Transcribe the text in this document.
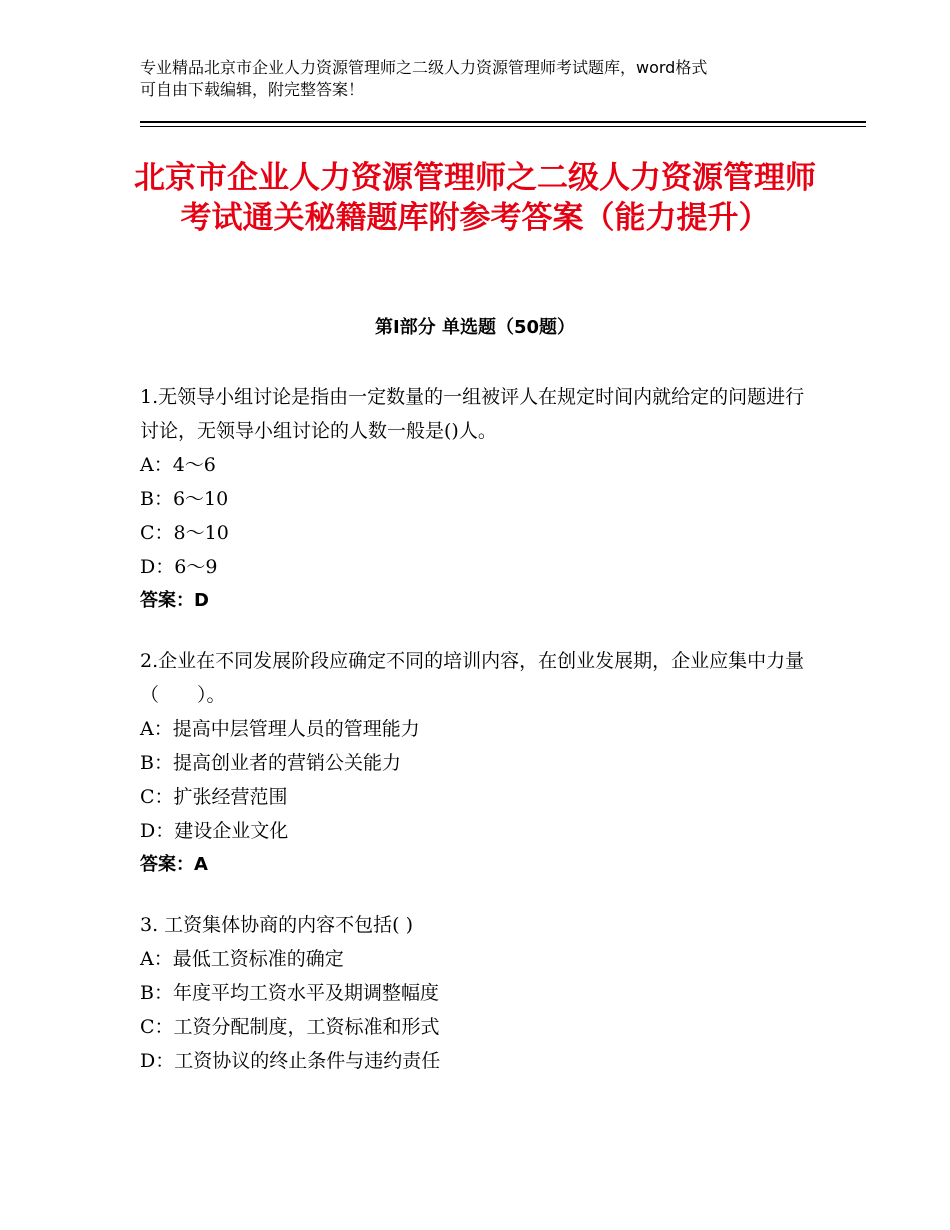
专业精品北京市企业人力资源管理师之二级人力资源管理师考试题库，word格式
可自由下载编辑，附完整答案！
北京市企业人力资源管理师之二级人力资源管理师考试通关秘籍题库附参考答案（能力提升）
第Ⅰ部分 单选题（50题）

1.无领导小组讨论是指由一定数量的一组被评人在规定时间内就给定的问题进行讨论，无领导小组讨论的人数一般是()人。

A：4～6

B：6～10

C：8～10

D：6～9

答案：D

2.企业在不同发展阶段应确定不同的培训内容，在创业发展期，企业应集中力量（　　）。

A：提高中层管理人员的管理能力

B：提高创业者的营销公关能力

C：扩张经营范围

D：建设企业文化

答案：A

3. 工资集体协商的内容不包括( )

A：最低工资标准的确定

B：年度平均工资水平及期调整幅度

C：工资分配制度，工资标准和形式

D：工资协议的终止条件与违约责任
